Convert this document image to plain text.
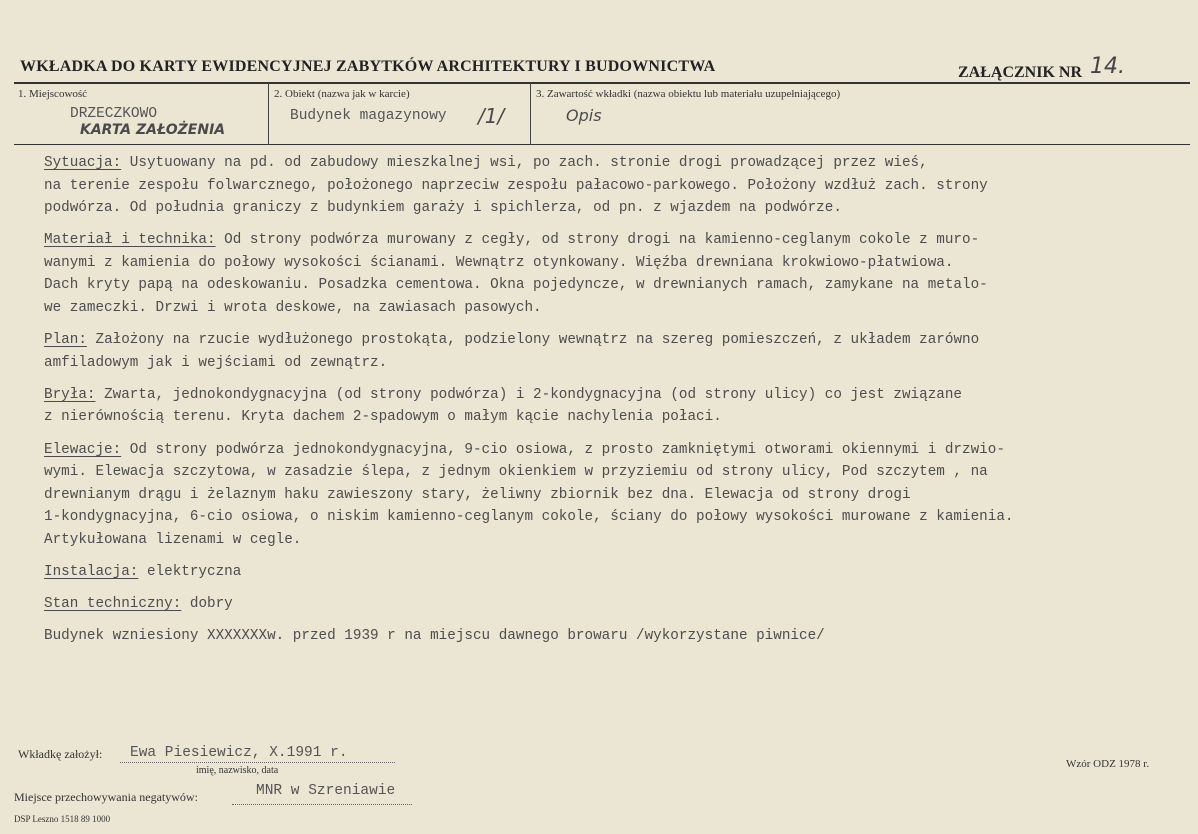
WKŁADKA DO KARTY EWIDENCYJNEJ ZABYTKÓW ARCHITEKTURY I BUDOWNICTWA	ZAŁĄCZNIK NR 14.
1. Miejscowość
DRZECZKOWO
KARTA ZAŁOŻENIA
2. Obiekt (nazwa jak w karcie)
Budynek magazynowy /1/
3. Zawartość wkładki (nazwa obiektu lub materiału uzupełniającego)
Opis
Sytuacja: Usytuowany na pd. od zabudowy mieszkalnej wsi, po zach. stronie drogi prowadzącej przez wieś,
na terenie zespołu folwarcznego, położonego naprzeciw zespołu pałacowo-parkowego. Położony wzdłuż zach. strony
podwórza. Od południa graniczy z budynkiem garaży i spichlerza, od pn. z wjazdem na podwórze.
Materiał i technika: Od strony podwórza murowany z cegły, od strony drogi na kamienno-ceglanym cokole z muro-
wanymi z kamienia do połowy wysokości ścianami. Wewnątrz otynkowany. Więźba drewniana krokwiowo-płatwiowa.
Dach kryty papą na odeskowaniu. Posadzka cementowa. Okna pojedyncze, w drewnianych ramach, zamykane na metalo-
we zameczki. Drzwi i wrota deskowe, na zawiasach pasowych.
Plan: Założony na rzucie wydłużonego prostokąta, podzielony wewnątrz na szereg pomieszczeń, z układem zarówno
amfiladowym jak i wejściami od zewnątrz.
Bryła: Zwarta, jednokondygnacyjna (od strony podwórza) i 2-kondygnacyjna (od strony ulicy) co jest związane
z nierównością terenu. Kryta dachem 2-spadowym o małym kącie nachylenia połaci.
Elewacje: Od strony podwórza jednokondygnacyjna, 9-cio osiowa, z prosto zamkniętymi otworami okiennymi i drzwio-
wymi. Elewacja szczytowa, w zasadzie ślepa, z jednym okienkiem w przyziemiu od strony ulicy, Pod szczytem , na
drewnianym drągu i żelaznym haku zawieszony stary, żeliwny zbiornik bez dna. Elewacja od strony drogi
1-kondygnacyjna, 6-cio osiowa, o niskim kamienno-ceglanym cokole, ściany do połowy wysokości murowane z kamienia.
Artykułowana lizenami w cegle.
Instalacja: elektryczna
Stan techniczny: dobry
Budynek wzniesiony XXXXXXXw. przed 1939 r na miejscu dawnego browaru /wykorzystane piwnice/
Wkładkę założył: Ewa Piesiewicz, X.1991 r.
imię, nazwisko, data
Miejsce przechowywania negatywów:	MNR w Szreniawie
Wzór ODZ 1978 r.
DSP Leszno 1518 89 1000
